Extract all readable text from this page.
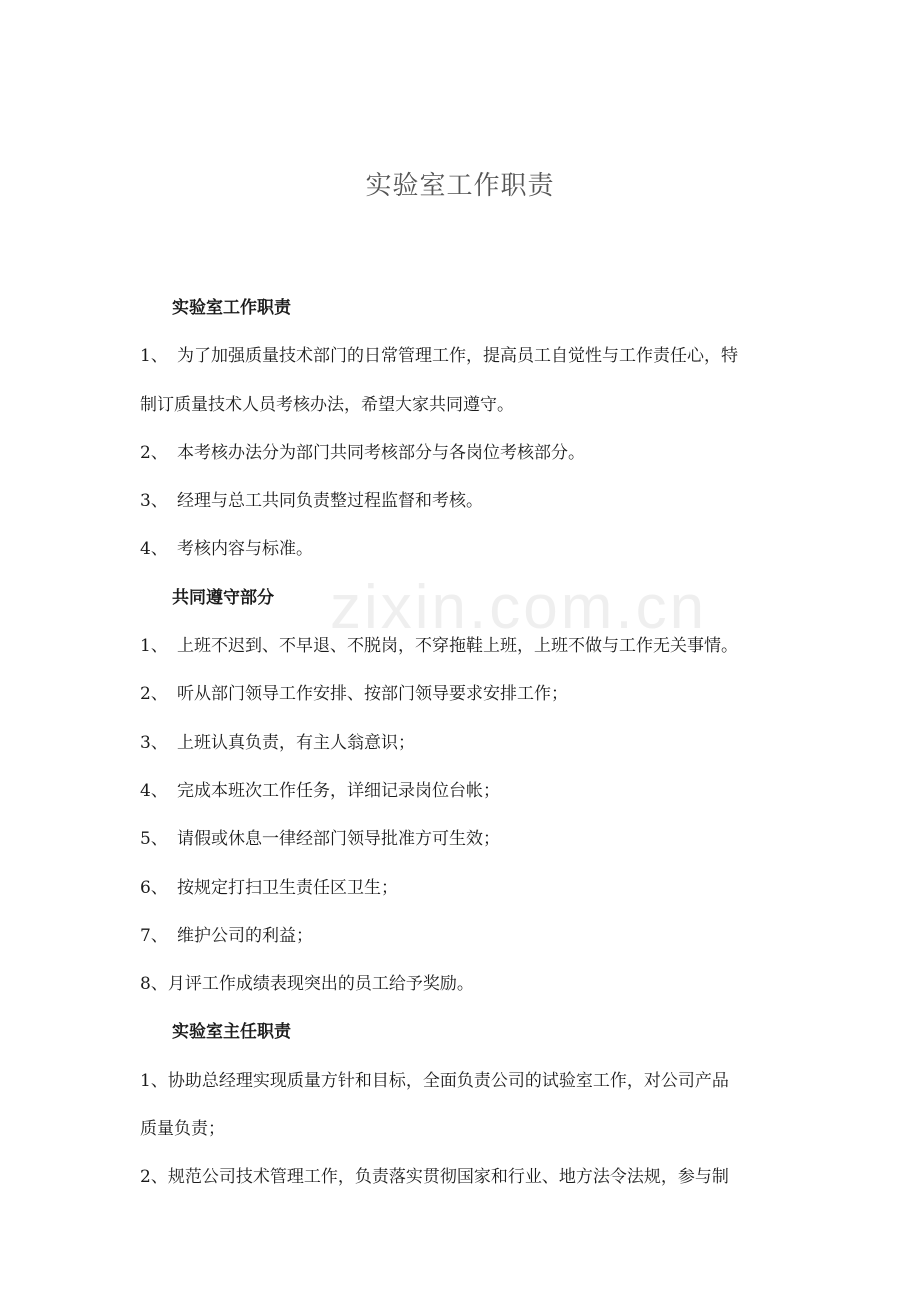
实验室工作职责
zixin.com.cn
实验室工作职责
1、 为了加强质量技术部门的日常管理工作，提高员工自觉性与工作责任心，特
制订质量技术人员考核办法，希望大家共同遵守。
2、 本考核办法分为部门共同考核部分与各岗位考核部分。
3、 经理与总工共同负责整过程监督和考核。
4、 考核内容与标准。
共同遵守部分
1、 上班不迟到、不早退、不脱岗，不穿拖鞋上班，上班不做与工作无关事情。
2、 听从部门领导工作安排、按部门领导要求安排工作；
3、 上班认真负责，有主人翁意识；
4、 完成本班次工作任务，详细记录岗位台帐；
5、 请假或休息一律经部门领导批准方可生效；
6、 按规定打扫卫生责任区卫生；
7、 维护公司的利益；
8、月评工作成绩表现突出的员工给予奖励。
实验室主任职责
1、协助总经理实现质量方针和目标，全面负责公司的试验室工作，对公司产品
质量负责；
2、规范公司技术管理工作，负责落实贯彻国家和行业、地方法令法规，参与制
